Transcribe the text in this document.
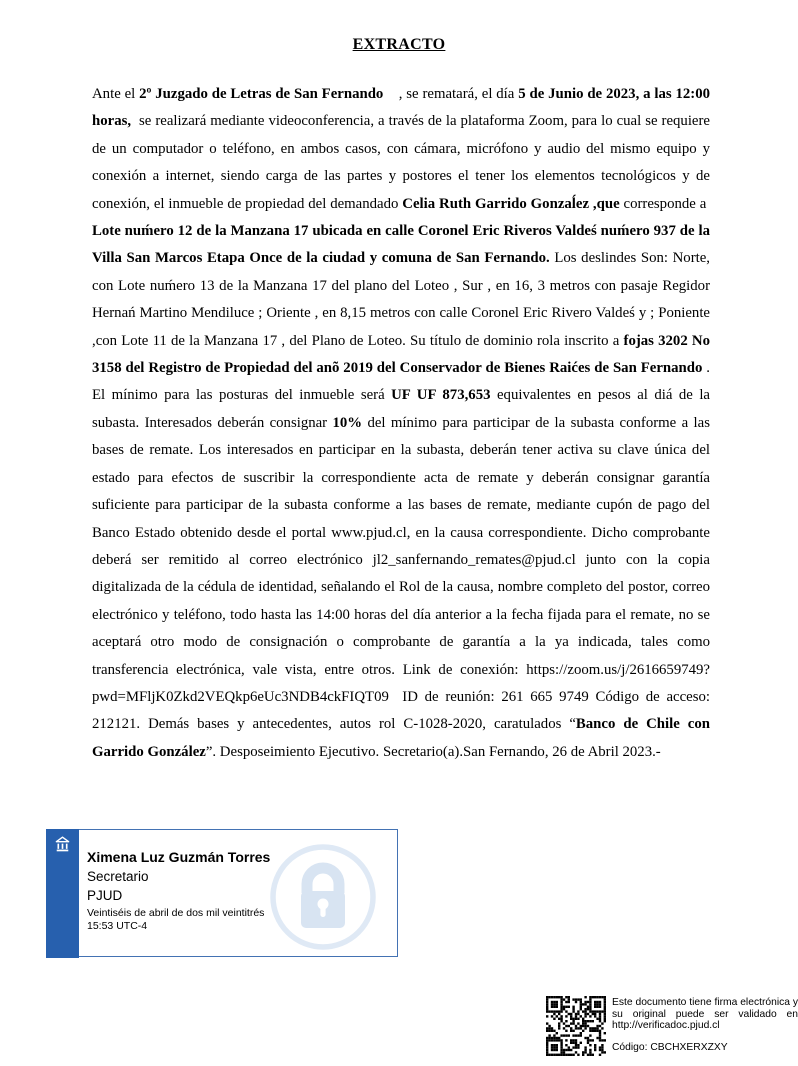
EXTRACTO

Ante el 2º Juzgado de Letras de San Fernando    , se rematará, el día 5 de Junio de 2023, a las 12:00 horas,  se realizará mediante videoconferencia, a través de la plataforma Zoom, para lo cual se requiere de un computador o teléfono, en ambos casos, con cámara, micrófono y audio del mismo equipo y conexión a internet, siendo carga de las partes y postores el tener los elementos tecnológicos y de conexión, el inmueble de propiedad del demandado Celia Ruth Garrido Gonzaĺez ,que corresponde a  Lote nuḿero 12 de la Manzana 17 ubicada en calle Coronel Eric Riveros Valdeś nuḿero 937 de la Villa San Marcos Etapa Once de la ciudad y comuna de San Fernando. Los deslindes Son: Norte, con Lote nuḿero 13 de la Manzana 17 del plano del Loteo , Sur , en 16, 3 metros con pasaje Regidor Hernań Martino Mendiluce ; Oriente , en 8,15 metros con calle Coronel Eric Rivero Valdeś y ; Poniente ,con Lote 11 de la Manzana 17 , del Plano de Loteo. Su título de dominio rola inscrito a fojas 3202 No 3158 del Registro de Propiedad del anõ 2019 del Conservador de Bienes Raićes de San Fernando . El mínimo para las posturas del inmueble será UF UF 873,653 equivalentes en pesos al diá de la subasta. Interesados deberán consignar 10% del mínimo para participar de la subasta conforme a las bases de remate. Los interesados en participar en la subasta, deberán tener activa su clave única del estado para efectos de suscribir la correspondiente acta de remate y deberán consignar garantía suficiente para participar de la subasta conforme a las bases de remate, mediante cupón de pago del Banco Estado obtenido desde el portal www.pjud.cl, en la causa correspondiente. Dicho comprobante deberá ser remitido al correo electrónico jl2_sanfernando_remates@pjud.cl junto con la copia digitalizada de la cédula de identidad, señalando el Rol de la causa, nombre completo del postor, correo electrónico y teléfono, todo hasta las 14:00 horas del día anterior a la fecha fijada para el remate, no se aceptará otro modo de consignación o comprobante de garantía a la ya indicada, tales como transferencia electrónica, vale vista, entre otros. Link de conexión: https://zoom.us/j/2616659749?pwd=MFljK0Zkd2VEQkp6eUc3NDB4ckFIQT09  ID de reunión: 261 665 9749 Código de acceso: 212121. Demás bases y antecedentes, autos rol C-1028-2020, caratulados “Banco de Chile con Garrido González”. Desposeimiento Ejecutivo. Secretario(a).San Fernando, 26 de Abril 2023.-

Ximena Luz Guzmán Torres
Secretario
PJUD
Veintiséis de abril de dos mil veintitrés
15:53 UTC-4
Este documento tiene firma electrónica y su original puede ser validado en http://verificadoc.pjud.cl
Código: CBCHXERXZXY
